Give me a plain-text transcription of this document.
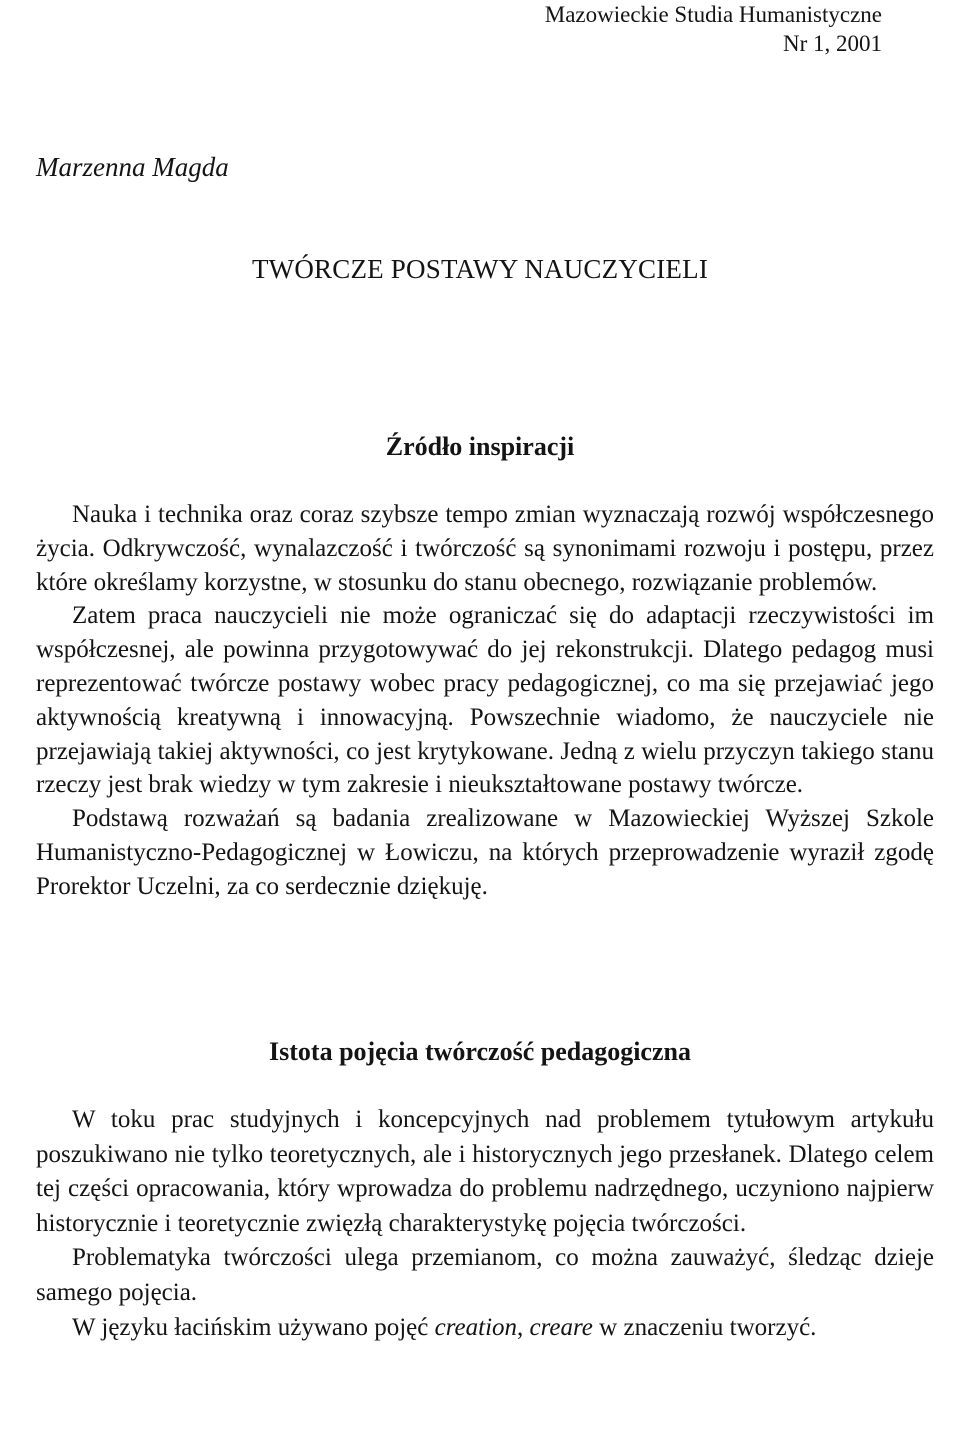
Mazowieckie Studia Humanistyczne
Nr 1, 2001
Marzenna Magda
TWÓRCZE POSTAWY NAUCZYCIELI
Źródło inspiracji

Nauka i technika oraz coraz szybsze tempo zmian wyznaczają rozwój współczesnego życia. Odkrywczość, wynalazczość i twórczość są synonimami rozwoju i postępu, przez które określamy korzystne, w stosunku do stanu obecnego, rozwiązanie problemów.

Zatem praca nauczycieli nie może ograniczać się do adaptacji rzeczywistości im współczesnej, ale powinna przygotowywać do jej rekonstrukcji. Dlatego pedagog musi reprezentować twórcze postawy wobec pracy pedagogicznej, co ma się przejawiać jego aktywnością kreatywną i innowacyjną. Powszechnie wiadomo, że nauczyciele nie przejawiają takiej aktywności, co jest krytykowane. Jedną z wielu przyczyn takiego stanu rzeczy jest brak wiedzy w tym zakresie i nieukształtowane postawy twórcze.

Podstawą rozważań są badania zrealizowane w Mazowieckiej Wyższej Szkole Humanistyczno-Pedagogicznej w Łowiczu, na których przeprowadzenie wyraził zgodę Prorektor Uczelni, za co serdecznie dziękuję.

Istota pojęcia twórczość pedagogiczna

W toku prac studyjnych i koncepcyjnych nad problemem tytułowym artykułu poszukiwano nie tylko teoretycznych, ale i historycznych jego przesłanek. Dlatego celem tej części opracowania, który wprowadza do problemu nadrzędnego, uczyniono najpierw historycznie i teoretycznie zwięzłą charakterystykę pojęcia twórczości.

Problematyka twórczości ulega przemianom, co można zauważyć, śledząc dzieje samego pojęcia.

W języku łacińskim używano pojęć creation, creare w znaczeniu tworzyć.
